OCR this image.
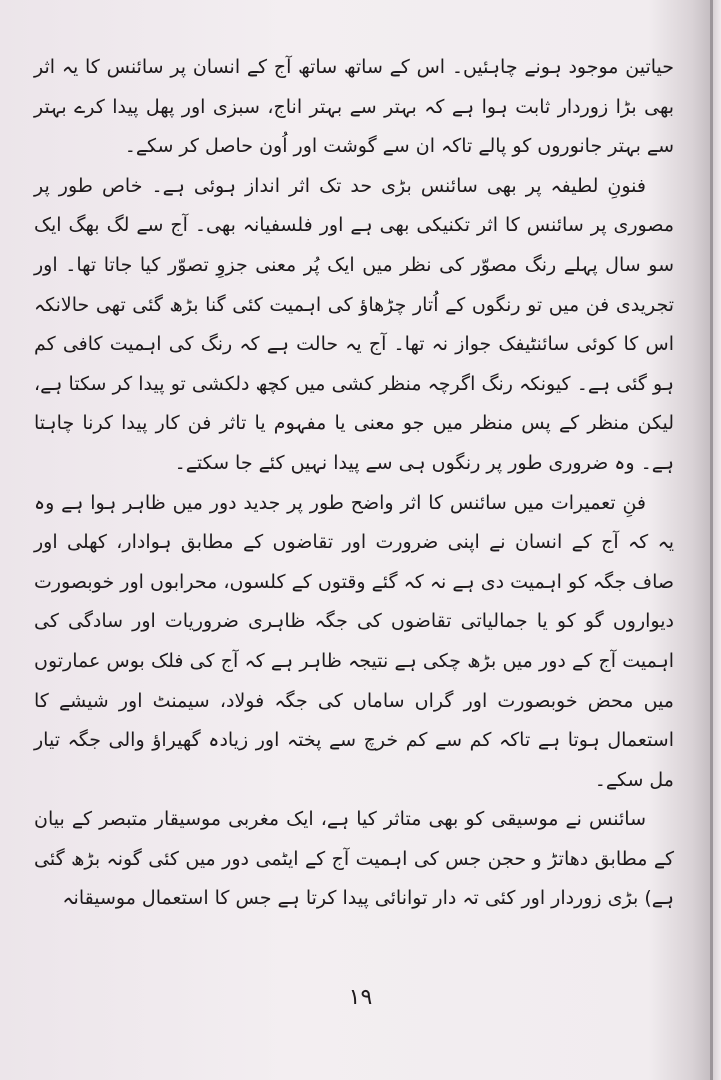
حیاتین موجود ہونے چاہئیں۔ اس کے ساتھ ساتھ آج کے انسان پر سائنس کا یہ اثر بھی بڑا زوردار ثابت ہوا ہے کہ بہتر سے بہتر اناج، سبزی اور پھل پیدا کرے بہتر سے بہتر جانوروں کو پالے تاکہ ان سے گوشت اور اُون حاصل کر سکے۔

فنونِ لطیفہ پر بھی سائنس بڑی حد تک اثر انداز ہوئی ہے۔ خاص طور پر مصوری پر سائنس کا اثر تکنیکی بھی ہے اور فلسفیانہ بھی۔ آج سے لگ بھگ ایک سو سال پہلے رنگ مصوّر کی نظر میں ایک پُر معنی جزوِ تصوّر کیا جاتا تھا۔ اور تجریدی فن میں تو رنگوں کے اُتار چڑھاؤ کی اہمیت کئی گنا بڑھ گئی تھی حالانکہ اس کا کوئی سائنٹیفک جواز نہ تھا۔ آج یہ حالت ہے کہ رنگ کی اہمیت کافی کم ہو گئی ہے۔ کیونکہ رنگ اگرچہ منظر کشی میں کچھ دلکشی تو پیدا کر سکتا ہے، لیکن منظر کے پس منظر میں جو معنی یا مفہوم یا تاثر فن کار پیدا کرنا چاہتا ہے۔ وہ ضروری طور پر رنگوں ہی سے پیدا نہیں کئے جا سکتے۔

فنِ تعمیرات میں سائنس کا اثر واضح طور پر جدید دور میں ظاہر ہوا ہے وہ یہ کہ آج کے انسان نے اپنی ضرورت اور تقاضوں کے مطابق ہوادار، کھلی اور صاف جگہ کو اہمیت دی ہے نہ کہ گئے وقتوں کے کلسوں، محرابوں اور خوبصورت دیواروں گو کو یا جمالیاتی تقاضوں کی جگہ ظاہری ضروریات اور سادگی کی اہمیت آج کے دور میں بڑھ چکی ہے نتیجہ ظاہر ہے کہ آج کی فلک بوس عمارتوں میں محض خوبصورت اور گراں ساماں کی جگہ فولاد، سیمنٹ اور شیشے کا استعمال ہوتا ہے تاکہ کم سے کم خرچ سے پختہ اور زیادہ گھیراؤ والی جگہ تیار مل سکے۔

سائنس نے موسیقی کو بھی متاثر کیا ہے، ایک مغربی موسیقار متبصر کے بیان کے مطابق دھاتڑ و حجن جس کی اہمیت آج کے ایٹمی دور میں کئی گونہ بڑھ گئی ہے) بڑی زوردار اور کئی تہ دار توانائی پیدا کرتا ہے جس کا استعمال موسیقانہ

۱۹
